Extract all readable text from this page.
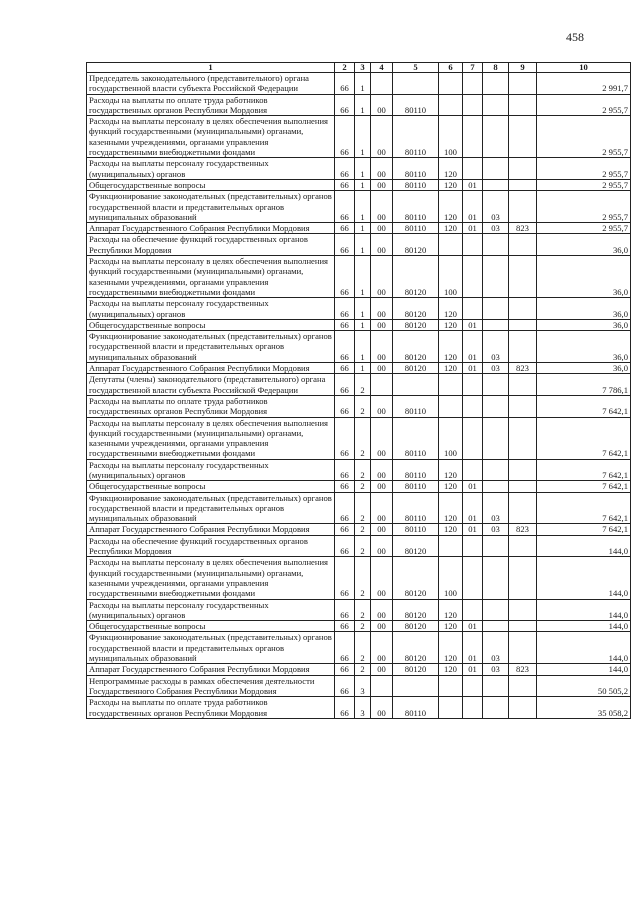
458
1	2	3	4	5	6	7	8	9	10
Председатель законодательного (представительного) органа государственной власти субъекта Российской Федерации	66	1							2 991,7
Расходы на выплаты по оплате труда работников государственных органов Республики Мордовия	66	1	00	80110					2 955,7
Расходы на выплаты персоналу в целях обеспечения выполнения функций государственными (муниципальными) органами, казенными учреждениями, органами управления государственными внебюджетными фондами	66	1	00	80110	100				2 955,7
Расходы на выплаты персоналу государственных (муниципальных) органов	66	1	00	80110	120				2 955,7
Общегосударственные вопросы	66	1	00	80110	120	01			2 955,7
Функционирование законодательных (представительных) органов государственной власти и представительных органов муниципальных образований	66	1	00	80110	120	01	03		2 955,7
Аппарат Государственного Собрания Республики Мордовия	66	1	00	80110	120	01	03	823	2 955,7
Расходы на обеспечение функций государственных органов Республики Мордовия	66	1	00	80120					36,0
Расходы на выплаты персоналу в целях обеспечения выполнения функций государственными (муниципальными) органами, казенными учреждениями, органами управления государственными внебюджетными фондами	66	1	00	80120	100				36,0
Расходы на выплаты персоналу государственных (муниципальных) органов	66	1	00	80120	120				36,0
Общегосударственные вопросы	66	1	00	80120	120	01			36,0
Функционирование законодательных (представительных) органов государственной власти и представительных органов муниципальных образований	66	1	00	80120	120	01	03		36,0
Аппарат Государственного Собрания Республики Мордовия	66	1	00	80120	120	01	03	823	36,0
Депутаты (члены) законодательного (представительного) органа государственной власти субъекта Российской Федерации	66	2							7 786,1
Расходы на выплаты по оплате труда работников государственных органов Республики Мордовия	66	2	00	80110					7 642,1
Расходы на выплаты персоналу в целях обеспечения выполнения функций государственными (муниципальными) органами, казенными учреждениями, органами управления государственными внебюджетными фондами	66	2	00	80110	100				7 642,1
Расходы на выплаты персоналу государственных (муниципальных) органов	66	2	00	80110	120				7 642,1
Общегосударственные вопросы	66	2	00	80110	120	01			7 642,1
Функционирование законодательных (представительных) органов государственной власти и представительных органов муниципальных образований	66	2	00	80110	120	01	03		7 642,1
Аппарат Государственного Собрания Республики Мордовия	66	2	00	80110	120	01	03	823	7 642,1
Расходы на обеспечение функций государственных органов Республики Мордовия	66	2	00	80120					144,0
Расходы на выплаты персоналу в целях обеспечения выполнения функций государственными (муниципальными) органами, казенными учреждениями, органами управления государственными внебюджетными фондами	66	2	00	80120	100				144,0
Расходы на выплаты персоналу государственных (муниципальных) органов	66	2	00	80120	120				144,0
Общегосударственные вопросы	66	2	00	80120	120	01			144,0
Функционирование законодательных (представительных) органов государственной власти и представительных органов муниципальных образований	66	2	00	80120	120	01	03		144,0
Аппарат Государственного Собрания Республики Мордовия	66	2	00	80120	120	01	03	823	144,0
Непрограммные расходы в рамках обеспечения деятельности Государственного Собрания Республики Мордовия	66	3							50 505,2
Расходы на выплаты по оплате труда работников государственных органов Республики Мордовия	66	3	00	80110					35 058,2
